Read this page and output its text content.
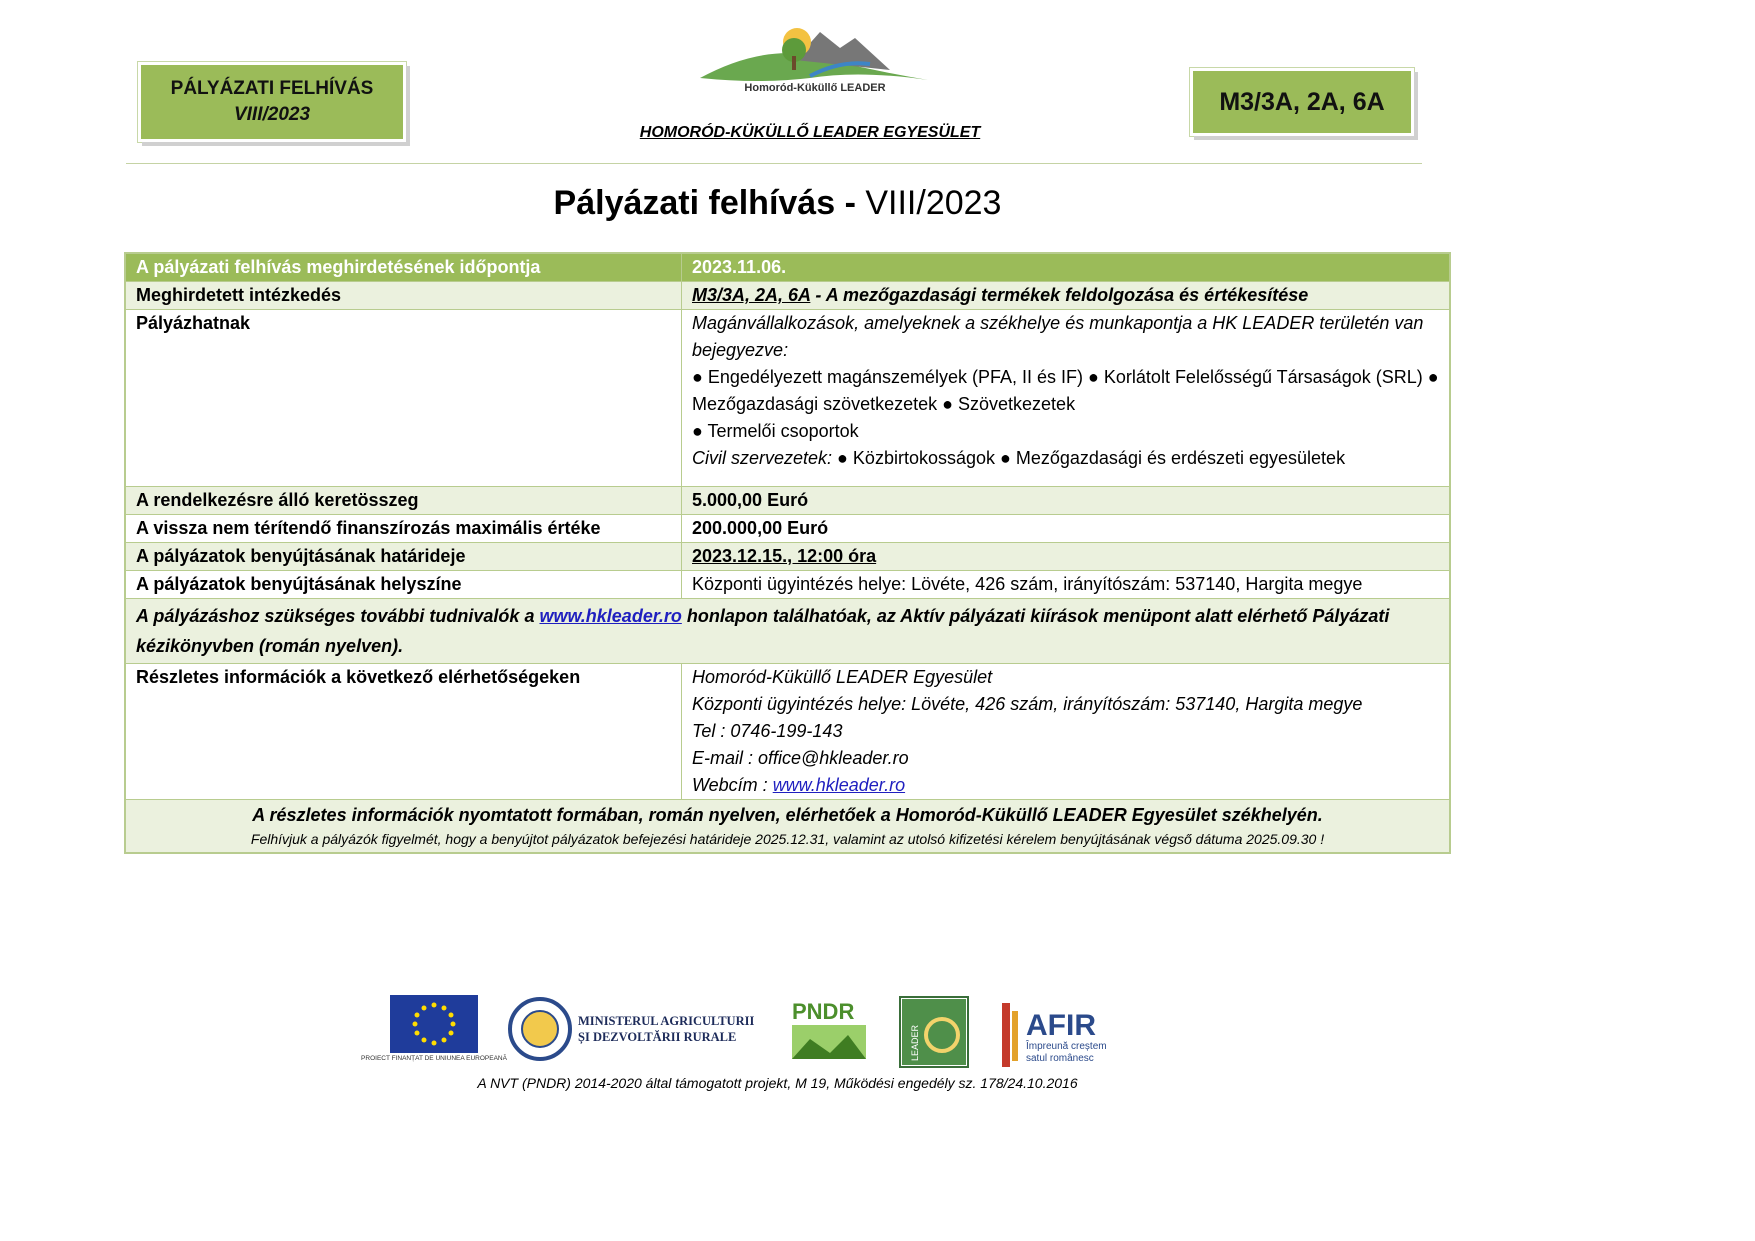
PÁLYÁZATI FELHÍVÁS
VIII/2023
Homoród-Küküllő LEADER
HOMORÓD-KÜKÜLLŐ LEADER EGYESÜLET
M3/3A, 2A, 6A
Pályázati felhívás - VIII/2023
A pályázati felhívás meghirdetésének időpontja	2023.11.06.
Meghirdetett intézkedés	M3/3A, 2A, 6A - A mezőgazdasági termékek feldolgozása és értékesítése
Pályázhatnak	Magánvállalkozások, amelyeknek a székhelye és munkapontja a HK LEADER területén van bejegyezve:
● Engedélyezett magánszemélyek (PFA, II és IF) ● Korlátolt Felelősségű Társaságok (SRL) ● Mezőgazdasági szövetkezetek ● Szövetkezetek
● Termelői csoportok
Civil szervezetek: ● Közbirtokosságok ● Mezőgazdasági és erdészeti egyesületek

A rendelkezésre álló keretösszeg	5.000,00 Euró
A vissza nem térítendő finanszírozás maximális értéke	200.000,00 Euró
A pályázatok benyújtásának határideje	2023.12.15., 12:00 óra
A pályázatok benyújtásának helyszíne	Központi ügyintézés helye: Lövéte, 426 szám, irányítószám: 537140, Hargita megye
A pályázáshoz szükséges további tudnivalók a www.hkleader.ro honlapon találhatóak, az Aktív pályázati kiírások menüpont alatt elérhető Pályázati kézikönyvben (román nyelven).	
Részletes információk a következő elérhetőségeken	Homoród-Küküllő LEADER Egyesület
Központi ügyintézés helye: Lövéte, 426 szám, irányítószám: 537140, Hargita megye
Tel : 0746-199-143
E-mail : office@hkleader.ro
Webcím : www.hkleader.ro

A részletes információk nyomtatott formában, román nyelven, elérhetőek a Homoród-Küküllő LEADER Egyesület székhelyén.
Felhívjuk a pályázók figyelmét, hogy a benyújtot pályázatok befejezési határideje 2025.12.31, valamint az utolsó kifizetési kérelem benyújtásának végső dátuma 2025.09.30 !	
PROIECT FINANȚAT DE UNIUNEA EUROPEANĂ
MINISTERUL AGRICULTURII
ȘI DEZVOLTĂRII RURALE
PNDR
LEADER	AFIR
Împreună creștem
satul românesc
A NVT (PNDR) 2014-2020 által támogatott projekt, M 19, Működési engedély sz. 178/24.10.2016
